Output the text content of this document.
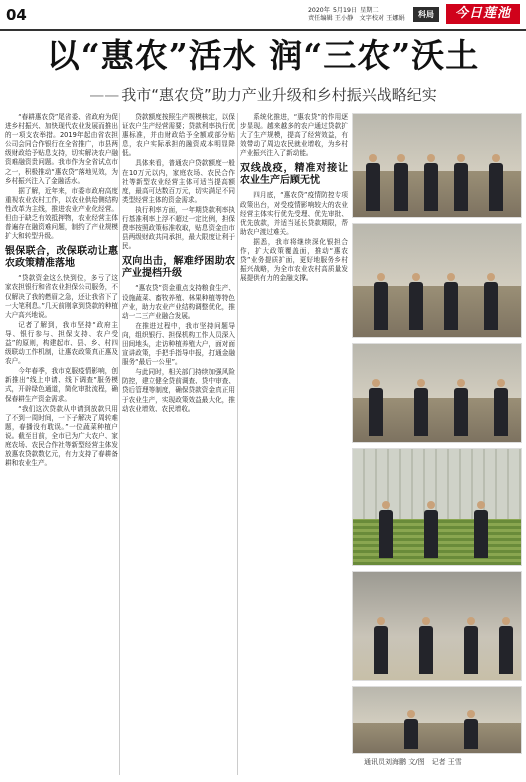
04	2020年 5月19日 星期二
责任编辑 王小静　文字校对 王娜娟	科局	今日莲池
以“惠农”活水 润“三农”沃土
—— 我市“惠农贷”助力产业升级和乡村振兴战略纪实

“春耕惠农贷”尾省委、省政府为促进乡村振兴、加快现代农业发展而推出的一项支农举措。2019年起由省农担公司会同合作银行在全省推广，市县两级财政给予贴息支持，切实解决农户融资难融资贵问题。我市作为全省试点市之一，积极推动“惠农贷”落地见效，为乡村振兴注入了金融活水。

据了解，近年来，市委市政府高度重视农业农村工作，以农业供给侧结构性改革为主线，推进农业产业化经营。但由于缺乏有效抵押物，农业经营主体普遍存在融资难问题，制约了产业规模扩大和转型升级。

银保联合，改保联动让惠农政策精准落地

“贷款资金这么快到位，多亏了这家农担银行和省农业担保公司服务，不仅解决了我的燃眉之急，还让我省下了一大笔利息。”几天前刚拿到贷款的种植大户高兴地说。

记者了解到，我市坚持“政府主导、银行参与、担保支持、农户受益”的原则，构建起市、县、乡、村四级联动工作机制，让惠农政策真正惠及农户。

今年春季，我市克服疫情影响，创新推出“线上申请、线下调查”服务模式，开辟绿色通道，简化审批流程，确保春耕生产资金需求。

“我们这次贷款从申请到放款只用了不到一周时间，一下子解决了周转难题，春播没有耽误。”一位蔬菜种植户说。截至目前，全市已为广大农户、家庭农场、农民合作社等新型经营主体发放惠农贷款数亿元，有力支持了春耕备耕和农业生产。

贷款额度按照生产规模核定，以保证农户生产经营需要；贷款利率执行优惠标准，并由财政给予全额或部分贴息，农户实际承担的融资成本明显降低。

具体来看，普通农户贷款额度一般在10万元以内，家庭农场、农民合作社等新型农业经营主体可适当提高额度，最高可达数百万元，切实满足不同类型经营主体的资金需求。

执行利率方面，一年期贷款利率执行基准利率上浮不超过一定比例，担保费率按照政策标准收取，贴息资金由市县两级财政共同承担，最大限度让利于民。

双向出击，解难纾困助农产业提档升级

“惠农贷”资金重点支持粮食生产、设施蔬菜、畜牧养殖、林果种植等特色产业，助力农业产业结构调整优化，推动一二三产业融合发展。

在推进过程中，我市坚持问题导向，组织银行、担保机构工作人员深入田间地头，走访种植养殖大户，面对面宣讲政策，手把手指导申报，打通金融服务“最后一公里”。

与此同时，相关部门持续加强风险防控，建立健全贷前调查、贷中审查、贷后管理等制度，确保贷款资金真正用于农业生产，实现政策效益最大化，推动农业增效、农民增收。

系统化推进，“惠农贷”的作用逐步显现。越来越多的农户通过贷款扩大了生产规模，提高了经营效益，有效带动了周边农民就业增收，为乡村产业振兴注入了新动能。

双线战疫，精准对接让农业生产后顾无忧

四月底，“惠农贷”疫情防控专项政策出台，对受疫情影响较大的农业经营主体实行优先受理、优先审批、优先放款，并适当延长贷款期限，帮助农户渡过难关。

据悉，我市将继续深化银担合作，扩大政策覆盖面，推动“惠农贷”业务提质扩面，更好地服务乡村振兴战略，为全市农业农村高质量发展提供有力的金融支撑。

通讯员刘海鹏 文/图　记者 王雪
